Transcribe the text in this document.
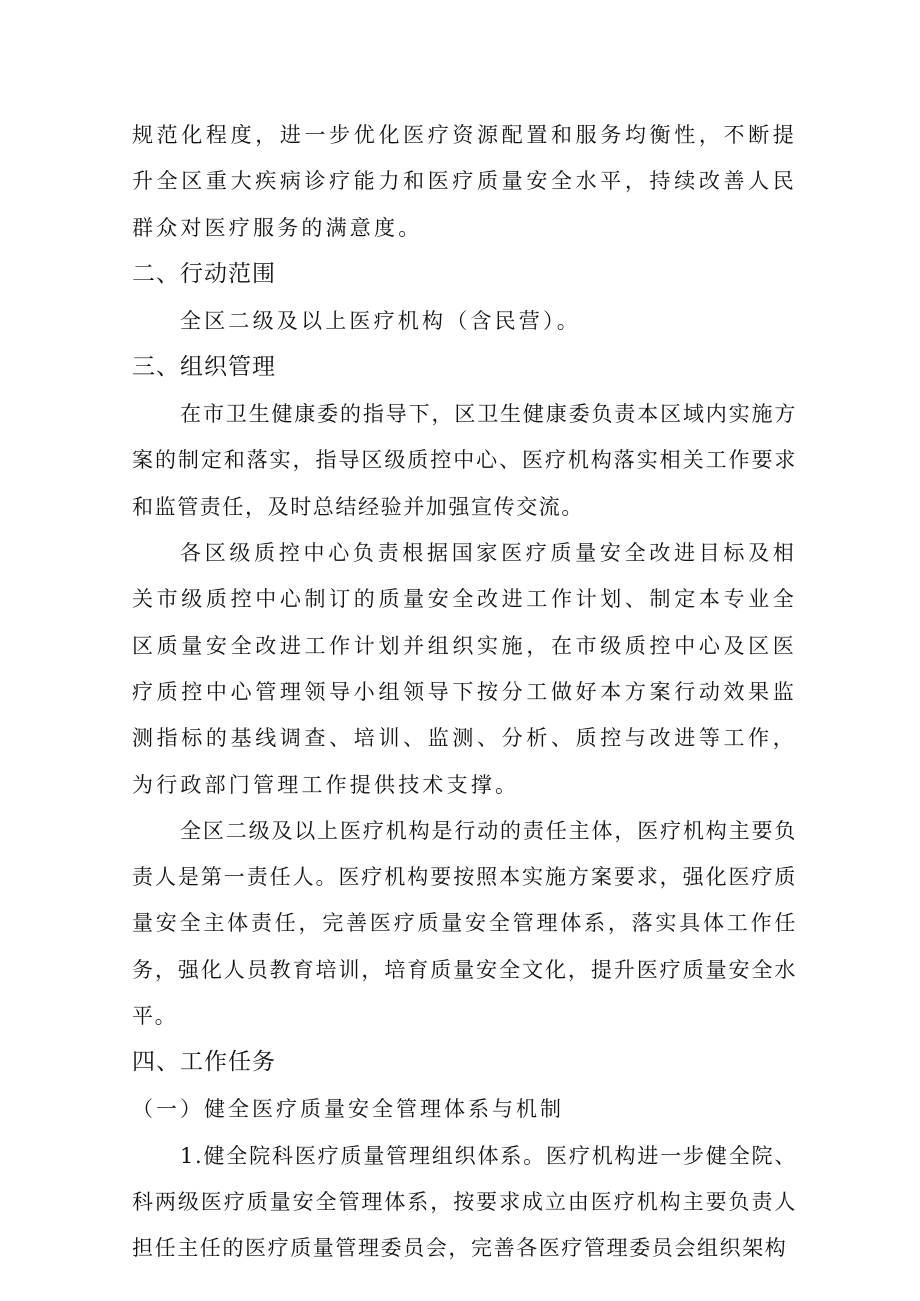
规范化程度，进一步优化医疗资源配置和服务均衡性，不断提升全区重大疾病诊疗能力和医疗质量安全水平，持续改善人民群众对医疗服务的满意度。

二、行动范围

全区二级及以上医疗机构（含民营）。

三、组织管理

在市卫生健康委的指导下，区卫生健康委负责本区域内实施方案的制定和落实，指导区级质控中心、医疗机构落实相关工作要求和监管责任，及时总结经验并加强宣传交流。

各区级质控中心负责根据国家医疗质量安全改进目标及相关市级质控中心制订的质量安全改进工作计划、制定本专业全区质量安全改进工作计划并组织实施，在市级质控中心及区医疗质控中心管理领导小组领导下按分工做好本方案行动效果监测指标的基线调查、培训、监测、分析、质控与改进等工作，为行政部门管理工作提供技术支撑。

全区二级及以上医疗机构是行动的责任主体，医疗机构主要负责人是第一责任人。医疗机构要按照本实施方案要求，强化医疗质量安全主体责任，完善医疗质量安全管理体系，落实具体工作任务，强化人员教育培训，培育质量安全文化，提升医疗质量安全水平。

四、工作任务

（一）健全医疗质量安全管理体系与机制

1.健全院科医疗质量管理组织体系。医疗机构进一步健全院、科两级医疗质量安全管理体系，按要求成立由医疗机构主要负责人担任主任的医疗质量管理委员会，完善各医疗管理委员会组织架构
